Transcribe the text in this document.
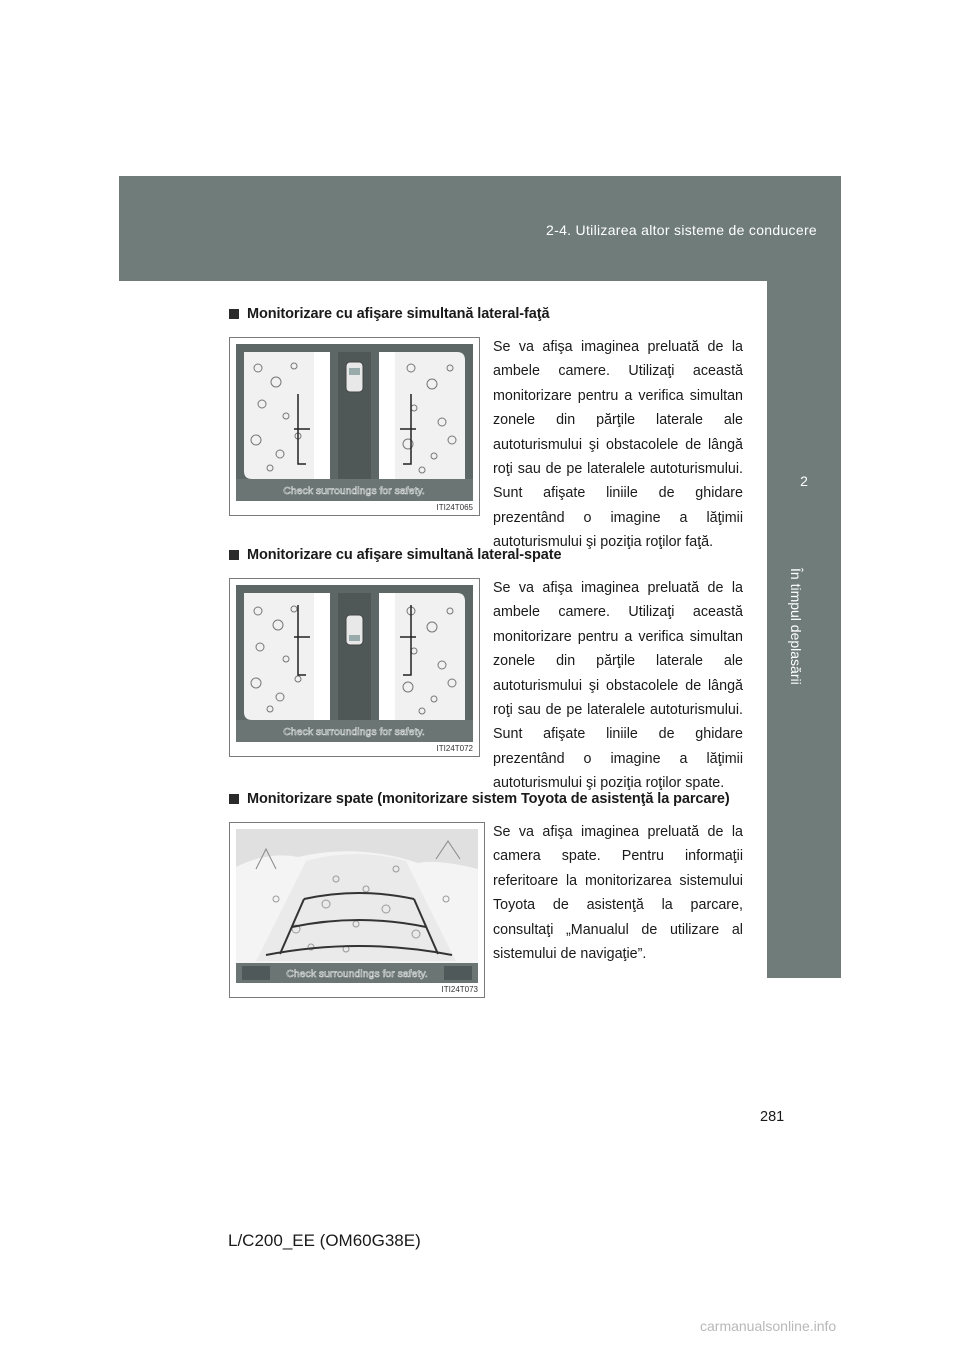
2-4. Utilizarea altor sisteme de conducere
2
În timpul deplasării
Monitorizare cu afişare simultană lateral-faţă
Check surroundings for safety.
ITI24T065
Se va afişa imaginea preluată de la ambele camere. Utilizaţi această monitorizare pentru a verifica simultan zonele din părţile laterale ale autoturismului şi obstacolele de lângă roţi sau de pe lateralele autoturismului. Sunt afişate liniile de ghidare prezentând o imagine a lăţimii
autoturismului şi poziţia roţilor faţă.
Monitorizare cu afişare simultană lateral-spate
Check surroundings for safety.
ITI24T072
Se va afişa imaginea preluată de la ambele camere. Utilizaţi această monitorizare pentru a verifica simultan zonele din părţile laterale ale autoturismului şi obstacolele de lângă roţi sau de pe lateralele autoturismului. Sunt afişate liniile de ghidare prezentând o imagine a lăţimii
autoturismului şi poziţia roţilor spate.
Monitorizare spate (monitorizare sistem Toyota de asistenţă la parcare)
Check surroundings for safety.
ITI24T073
Se va afişa imaginea preluată de la camera spate. Pentru informaţii referitoare la monitorizarea sistemului Toyota de asistenţă la parcare, consultaţi „Manualul de utilizare al
sistemului de navigaţie”.
281
L/C200_EE (OM60G38E)
carmanualsonline.info
